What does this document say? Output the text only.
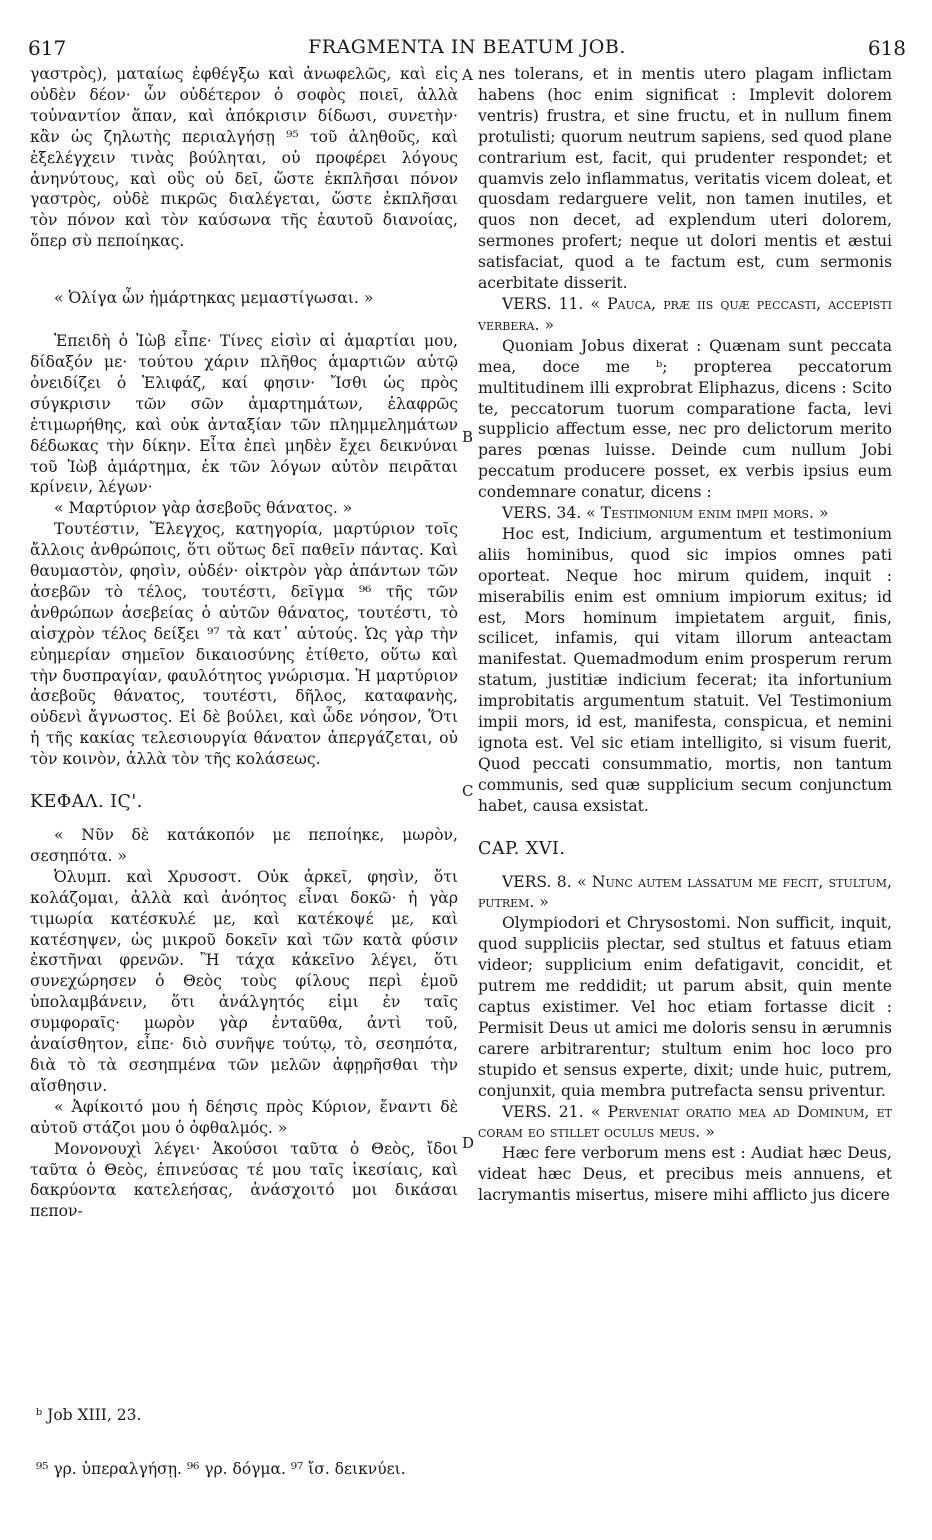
617	FRAGMENTA IN BEATUM JOB.	618

γαστρὸς), ματαίως ἐφθέγξω καὶ ἀνωφελῶς, καὶ εἰς οὐδὲν δέον· ὧν οὐδέτερον ὁ σοφὸς ποιεῖ, ἀλλὰ τοὐναντίον ἅπαν, καὶ ἀπόκρισιν δίδωσι, συνετὴν· κἂν ὡς ζηλωτὴς περιαλγήσῃ ⁹⁵ τοῦ ἀληθοῦς, καὶ ἐξελέγχειν τινὰς βούληται, οὐ προφέρει λόγους ἀνηνύτους, καὶ οὓς οὐ δεῖ, ὥστε ἐκπλῆσαι πόνον γαστρὸς, οὐδὲ πικρῶς διαλέγεται, ὥστε ἐκπλῆσαι τὸν πόνον καὶ τὸν καύσωνα τῆς ἑαυτοῦ διανοίας, ὅπερ σὺ πεποίηκας.

« Ὀλίγα ὧν ἡμάρτηκας μεμαστίγωσαι. »

Ἐπειδὴ ὁ Ἰὼβ εἶπε· Τίνες εἰσὶν αἱ ἁμαρτίαι μου, δίδαξόν με· τούτου χάριν πλῆθος ἁμαρτιῶν αὐτῷ ὀνειδίζει ὁ Ἐλιφάζ, καί φησιν· Ἴσθι ὡς πρὸς σύγκρισιν τῶν σῶν ἁμαρτημάτων, ἐλαφρῶς ἐτιμωρήθης, καὶ οὐκ ἀνταξίαν τῶν πλημμελημάτων δέδωκας τὴν δίκην. Εἶτα ἐπεὶ μηδὲν ἔχει δεικνύναι τοῦ Ἰὼβ ἁμάρτημα, ἐκ τῶν λόγων αὐτὸν πειρᾶται κρίνειν, λέγων·

« Μαρτύριον γὰρ ἀσεβοῦς θάνατος. »

Τουτέστιν, Ἔλεγχος, κατηγορία, μαρτύριον τοῖς ἄλλοις ἀνθρώποις, ὅτι οὕτως δεῖ παθεῖν πάντας. Καὶ θαυμαστὸν, φησὶν, οὐδέν· οἰκτρὸν γὰρ ἁπάντων τῶν ἀσεβῶν τὸ τέλος, τουτέστι, δεῖγμα ⁹⁶ τῆς τῶν ἀνθρώπων ἀσεβείας ὁ αὐτῶν θάνατος, τουτέστι, τὸ αἰσχρὸν τέλος δείξει ⁹⁷ τὰ κατ᾽ αὐτούς. Ὡς γὰρ τὴν εὐημερίαν σημεῖον δικαιοσύνης ἐτίθετο, οὕτω καὶ τὴν δυσπραγίαν, φαυλότητος γνώρισμα. Ἡ μαρτύριον ἀσεβοῦς θάνατος, τουτέστι, δῆλος, καταφανὴς, οὐδενὶ ἄγνωστος. Εἰ δὲ βούλει, καὶ ὧδε νόησον, Ὅτι ἡ τῆς κακίας τελεσιουργία θάνατον ἀπεργάζεται, οὐ τὸν κοινὸν, ἀλλὰ τὸν τῆς κολάσεως.

ΚΕΦΑΛ. ΙϚ'.

« Νῦν δὲ κατάκοπόν με πεποίηκε, μωρὸν, σεσηπότα. »

Ὀλυμπ. καὶ Χρυσοστ. Οὐκ ἀρκεῖ, φησὶν, ὅτι κολάζομαι, ἀλλὰ καὶ ἀνόητος εἶναι δοκῶ· ἡ γὰρ τιμωρία κατέσκυλέ με, καὶ κατέκοψέ με, καὶ κατέσηψεν, ὡς μικροῦ δοκεῖν καὶ τῶν κατὰ φύσιν ἐκστῆναι φρενῶν. Ἢ τάχα κἀκεῖνο λέγει, ὅτι συνεχώρησεν ὁ Θεὸς τοὺς φίλους περὶ ἐμοῦ ὑπολαμβάνειν, ὅτι ἀνάλγητός εἰμι ἐν ταῖς συμφοραῖς· μωρὸν γὰρ ἐνταῦθα, ἀντὶ τοῦ, ἀναίσθητον, εἶπε· διὸ συνῆψε τούτῳ, τὸ, σεσηπότα, διὰ τὸ τὰ σεσηπμένα τῶν μελῶν ἀφῃρῆσθαι τὴν αἴσθησιν.

« Ἀφίκοιτό μου ἡ δέησις πρὸς Κύριον, ἔναντι δὲ αὐτοῦ στάζοι μου ὁ ὀφθαλμός. »

Μονονουχὶ λέγει· Ἀκούσοι ταῦτα ὁ Θεὸς, ἴδοι ταῦτα ὁ Θεὸς, ἐπινεύσας τέ μου ταῖς ἱκεσίαις, καὶ δακρύοντα κατελεήσας, ἀνάσχοιτό μοι δικάσαι πεπον-

nes tolerans, et in mentis utero plagam inflictam habens (hoc enim significat : Implevit dolorem ventris) frustra, et sine fructu, et in nullum finem protulisti; quorum neutrum sapiens, sed quod plane contrarium est, facit, qui prudenter respondet; et quamvis zelo inflammatus, veritatis vicem doleat, et quosdam redarguere velit, non tamen inutiles, et quos non decet, ad explendum uteri dolorem, sermones profert; neque ut dolori mentis et æstui satisfaciat, quod a te factum est, cum sermonis acerbitate disserit.

VERS. 11. « Pauca, præ iis quæ peccasti, accepisti verbera. »

Quoniam Jobus dixerat : Quænam sunt peccata mea, doce me ᵇ; propterea peccatorum multitudinem illi exprobrat Eliphazus, dicens : Scito te, peccatorum tuorum comparatione facta, levi supplicio affectum esse, nec pro delictorum merito pares pœnas luisse. Deinde cum nullum Jobi peccatum producere posset, ex verbis ipsius eum condemnare conatur, dicens :

VERS. 34. « Testimonium enim impii mors. »

Hoc est, Indicium, argumentum et testimonium aliis hominibus, quod sic impios omnes pati oporteat. Neque hoc mirum quidem, inquit : miserabilis enim est omnium impiorum exitus; id est, Mors hominum impietatem arguit, finis, scilicet, infamis, qui vitam illorum anteactam manifestat. Quemadmodum enim prosperum rerum statum, justitiæ indicium fecerat; ita infortunium improbitatis argumentum statuit. Vel Testimonium impii mors, id est, manifesta, conspicua, et nemini ignota est. Vel sic etiam intelligito, si visum fuerit, Quod peccati consummatio, mortis, non tantum communis, sed quæ supplicium secum conjunctum habet, causa exsistat.

CAP. XVI.

VERS. 8. « Nunc autem lassatum me fecit, stultum, putrem. »

Olympiodori et Chrysostomi. Non sufficit, inquit, quod suppliciis plectar, sed stultus et fatuus etiam videor; supplicium enim defatigavit, concidit, et putrem me reddidit; ut parum absit, quin mente captus existimer. Vel hoc etiam fortasse dicit : Permisit Deus ut amici me doloris sensu in ærumnis carere arbitrarentur; stultum enim hoc loco pro stupido et sensus experte, dixit; unde huic, putrem, conjunxit, quia membra putrefacta sensu priventur.

VERS. 21. « Perveniat oratio mea ad Dominum, et coram eo stillet oculus meus. »

Hæc fere verborum mens est : Audiat hæc Deus, videat hæc Deus, et precibus meis annuens, et lacrymantis misertus, misere mihi afflicto jus dicere

A
B
C
D
ᵇ Job XIII, 23.
⁹⁵ γρ. ὑπεραλγήσῃ. ⁹⁶ γρ. δόγμα. ⁹⁷ ἴσ. δεικνύει.
